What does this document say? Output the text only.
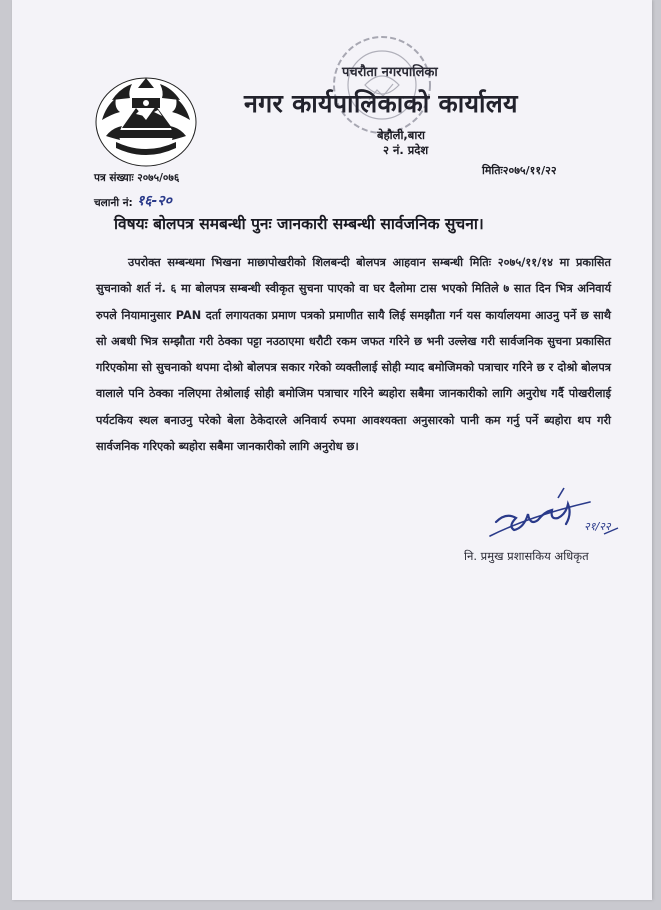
पचरौता नगरपालिका
नगर कार्यपालिकाको कार्यालय
बेहौली,बारा
२ नं. प्रदेश
मितिः२०७५/११/२२
पत्र संख्याः २०७५/०७६
चलानी नं: १६-२०
विषयः बोलपत्र समबन्धी पुनः जानकारी सम्बन्धी सार्वजनिक सुचना।
उपरोक्त सम्बन्धमा भिखना माछापोखरीको शिलबन्दी बोलपत्र आहवान सम्बन्धी मितिः २०७५/११/१४ मा प्रकासित सुचनाको शर्त नं. ६ मा बोलपत्र सम्बन्धी स्वीकृत सुचना पाएको वा घर दैलोमा टास भएको मितिले ७ सात दिन भित्र अनिवार्य रुपले नियामानुसार PAN दर्ता लगायतका प्रमाण पत्रको प्रमाणीत सायै लिई समझौता गर्न यस कार्यालयमा आउनु पर्ने छ साथै सो अबधी भित्र सम्झौता गरी ठेक्का पट्टा नउठाएमा धरौटी रकम जफत गरिने छ भनी उल्लेख गरी सार्वजनिक सुचना प्रकासित गरिएकोमा सो सुचनाको थपमा दोश्रो बोलपत्र सकार गरेको व्यक्तीलाई सोही म्याद बमोजिमको पत्राचार गरिने छ र दोश्रो बोलपत्र वालाले पनि ठेक्का नलिएमा तेश्रोलाई सोही बमोजिम पत्राचार गरिने ब्यहोरा सबैमा जानकारीको लागि अनुरोध गर्दै पोखरीलाई पर्यटकिय स्थल बनाउनु परेको बेला ठेकेदारले अनिवार्य रुपमा आवश्यक्ता अनुसारको पानी कम गर्नु पर्ने ब्यहोरा थप गरी सार्वजनिक गरिएको ब्यहोरा सबैमा जानकारीको लागि अनुरोध छ।
२१/२२
नि. प्रमुख प्रशासकिय अधिकृत
